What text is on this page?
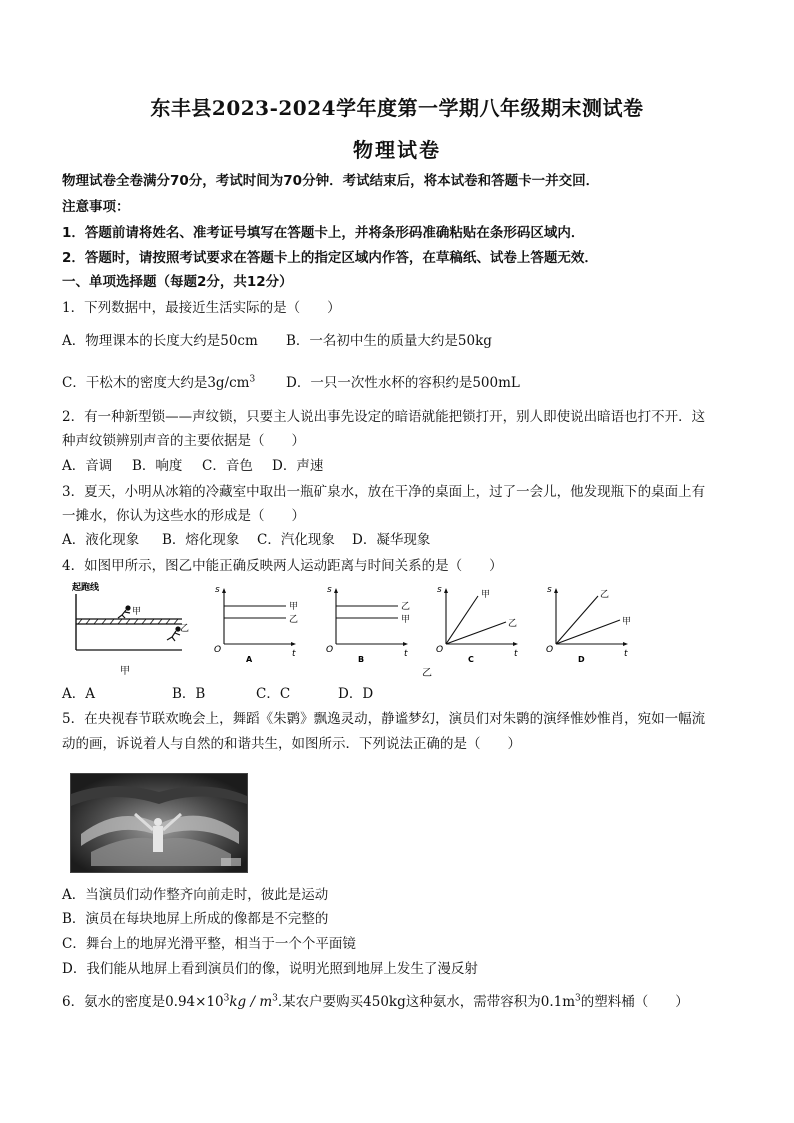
东丰县2023-2024学年度第一学期八年级期末测试卷
物理试卷
物理试卷全卷满分70分，考试时间为70分钟．考试结束后，将本试卷和答题卡一并交回．
注意事项：
1．答题前请将姓名、准考证号填写在答题卡上，并将条形码准确粘贴在条形码区域内．
2．答题时，请按照考试要求在答题卡上的指定区域内作答，在草稿纸、试卷上答题无效．
一、单项选择题（每题2分，共12分）
1．下列数据中，最接近生活实际的是（　　）
A．物理课本的长度大约是50cm B．一名初中生的质量大约是50kg
C．干松木的密度大约是$3g/cm^3$ D．一只一次性水杯的容积约是500mL
2．有一种新型锁——声纹锁，只要主人说出事先设定的暗语就能把锁打开，别人即使说出暗语也打不开．这
种声纹锁辨别声音的主要依据是（　　）
A．音调 B．响度 C．音色 D．声速
3．夏天，小明从冰箱的冷藏室中取出一瓶矿泉水，放在干净的桌面上，过了一会儿，他发现瓶下的桌面上有
一摊水，你认为这些水的形成是（　　）
A．液化现象 B．熔化现象 C．汽化现象 D．凝华现象
4．如图甲所示，图乙中能正确反映两人运动距离与时间关系的是（　　）
起跑线
甲
乙
甲
s
O	t
甲
乙
A
s
O	t
乙
甲
B
s
O	t
甲
乙
C
乙
s
O	t
乙
甲
D
A．A	B．B	C．C	D．D
5．在央视春节联欢晚会上，舞蹈《朱鹮》飘逸灵动，静谧梦幻，演员们对朱鹮的演绎惟妙惟肖，宛如一幅流
动的画，诉说着人与自然的和谐共生，如图所示．下列说法正确的是（　　）
A．当演员们动作整齐向前走时，彼此是运动
B．演员在每块地屏上所成的像都是不完整的
C．舞台上的地屏光滑平整，相当于一个个平面镜
D．我们能从地屏上看到演员们的像，说明光照到地屏上发生了漫反射
6．氨水的密度是$0.94\times 10^3kg / m^3$.某农户要购买450kg这种氨水，需带容积为$0.1m^3$的塑料桶（　　）
